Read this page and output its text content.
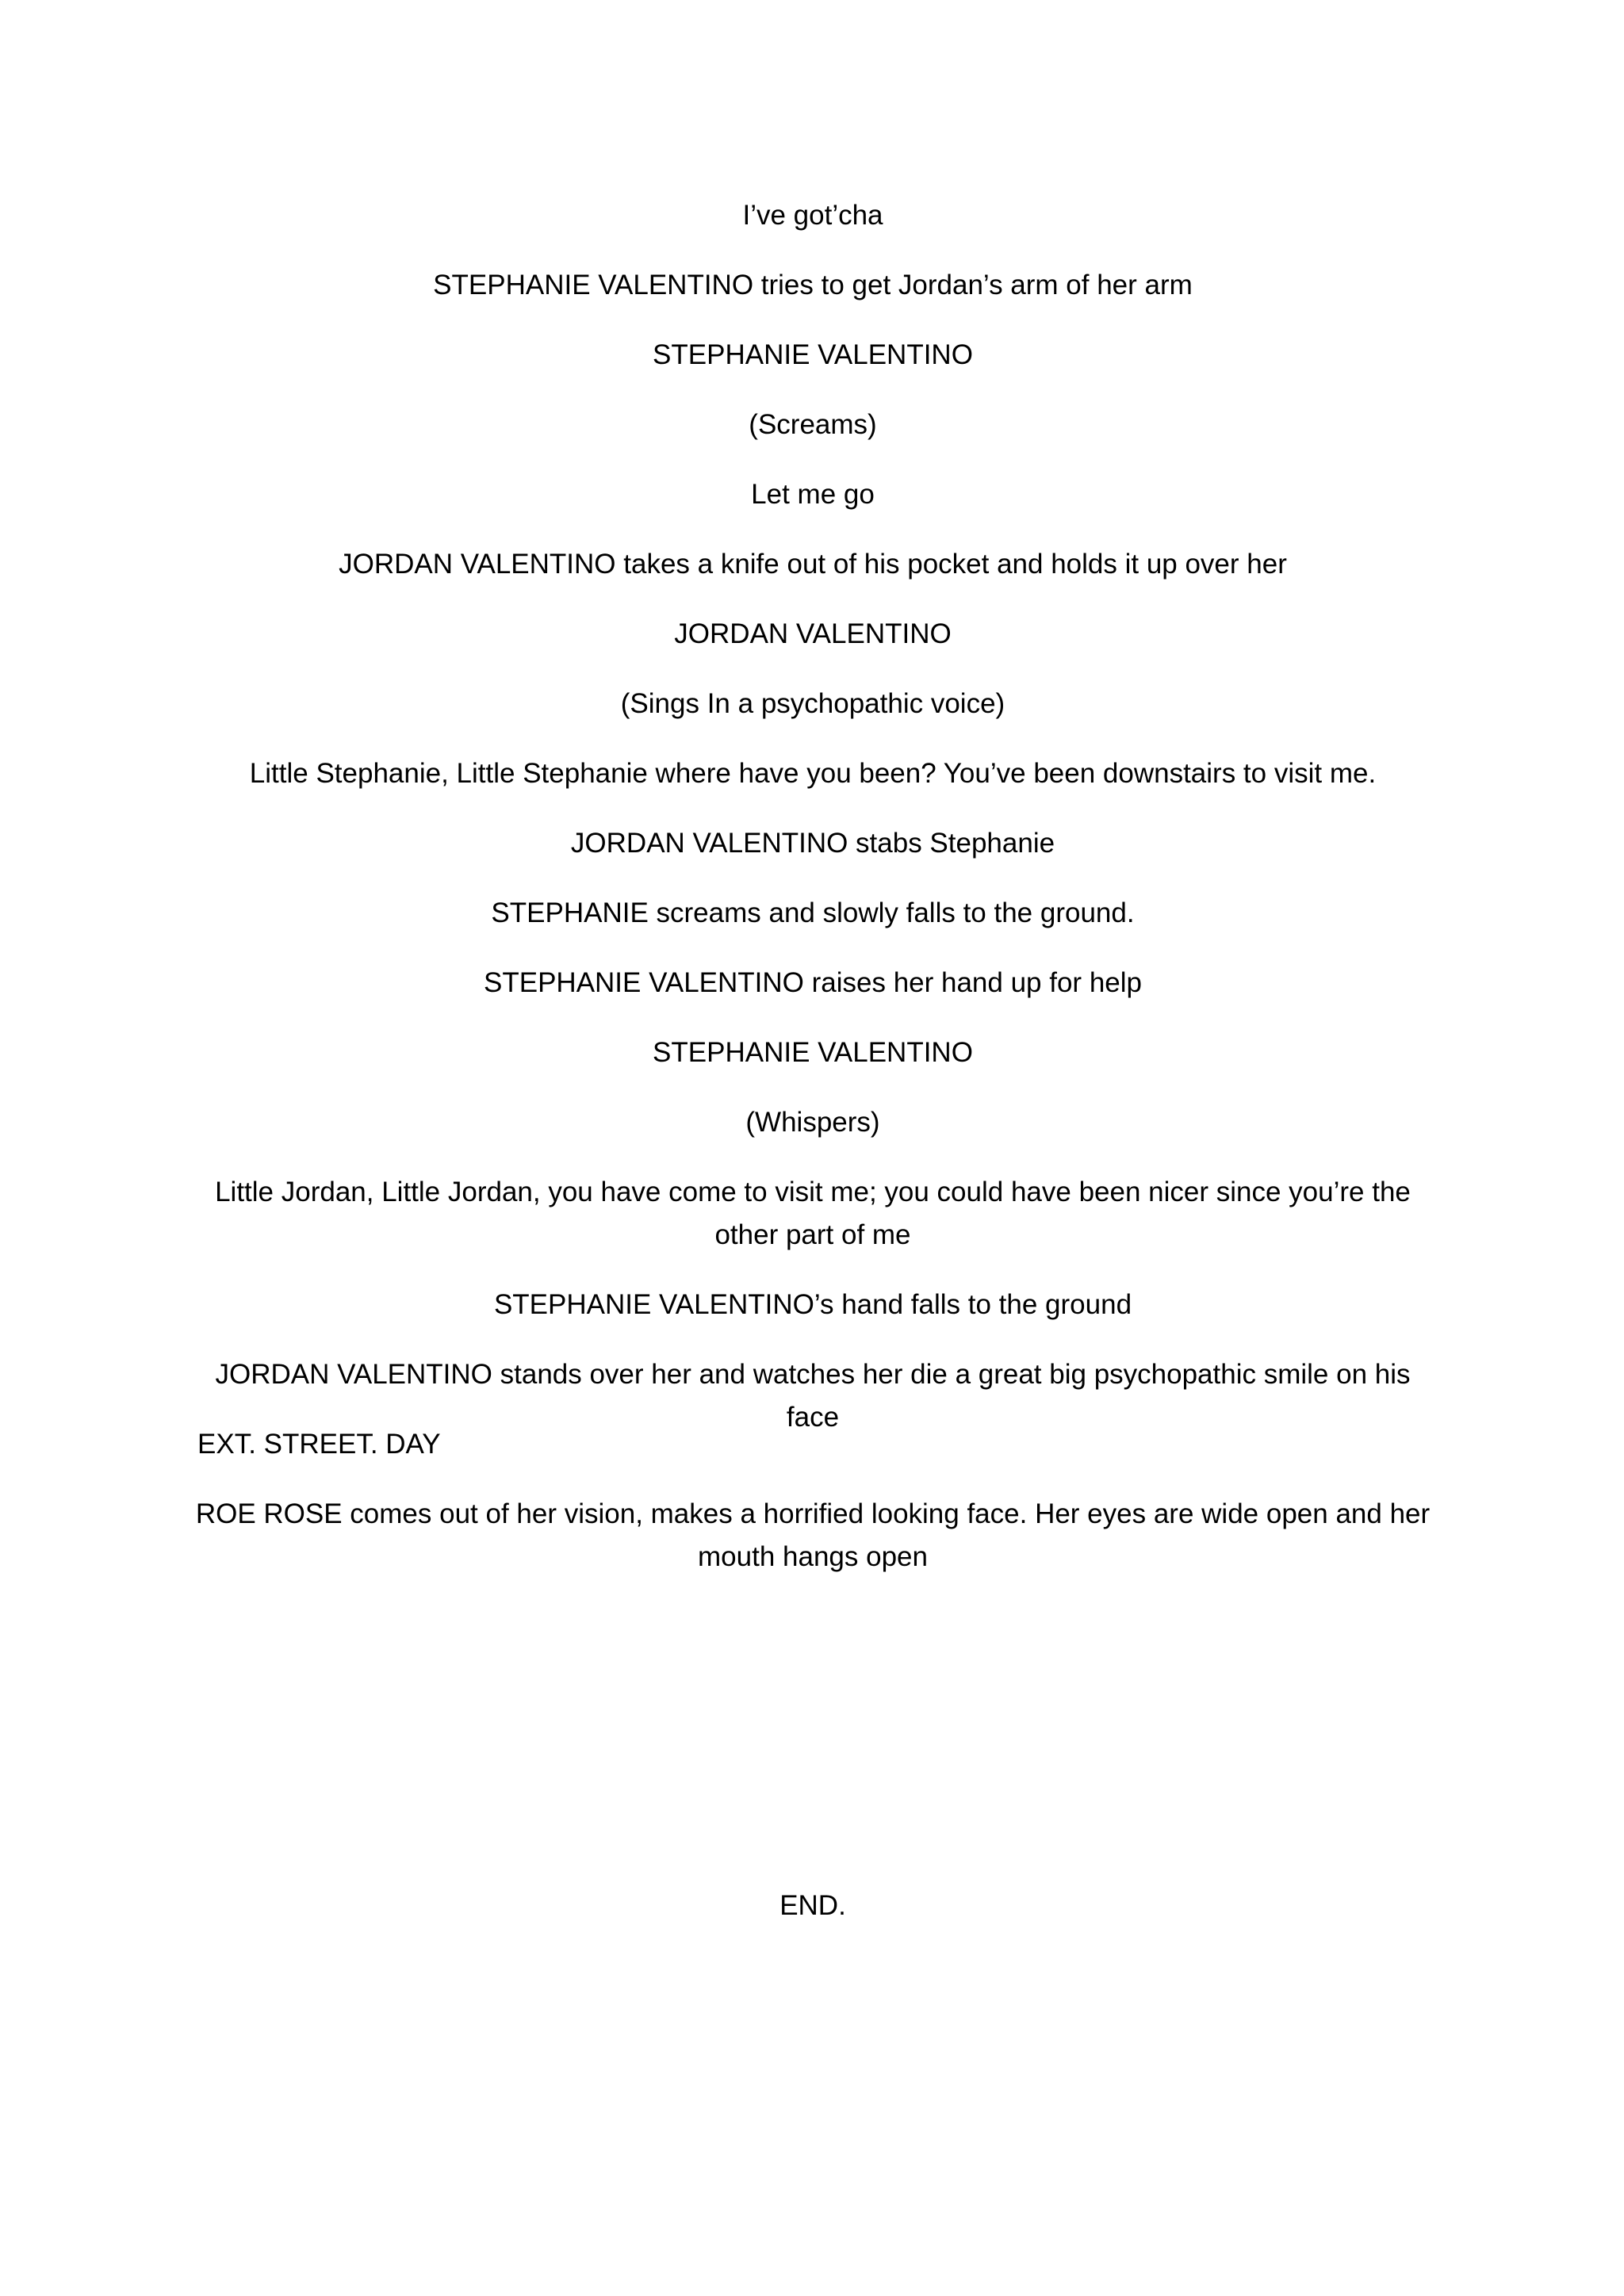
I’ve got’cha
STEPHANIE VALENTINO tries to get Jordan’s arm of her arm
STEPHANIE VALENTINO
(Screams)
Let me go
JORDAN VALENTINO takes a knife out of his pocket and holds it up over her
JORDAN VALENTINO
(Sings In a psychopathic voice)
Little Stephanie, Little Stephanie where have you been? You’ve been downstairs to visit me.
JORDAN VALENTINO stabs Stephanie
STEPHANIE screams and slowly falls to the ground.
STEPHANIE VALENTINO raises her hand up for help
STEPHANIE VALENTINO
(Whispers)
Little Jordan, Little Jordan, you have come to visit me; you could have been nicer since you’re the
other part of me
STEPHANIE VALENTINO’s hand falls to the ground
JORDAN VALENTINO stands over her and watches her die a great big psychopathic smile on his face
EXT. STREET. DAY
ROE ROSE comes out of her vision, makes a horrified looking face. Her eyes are wide open and her
mouth hangs open
END.
